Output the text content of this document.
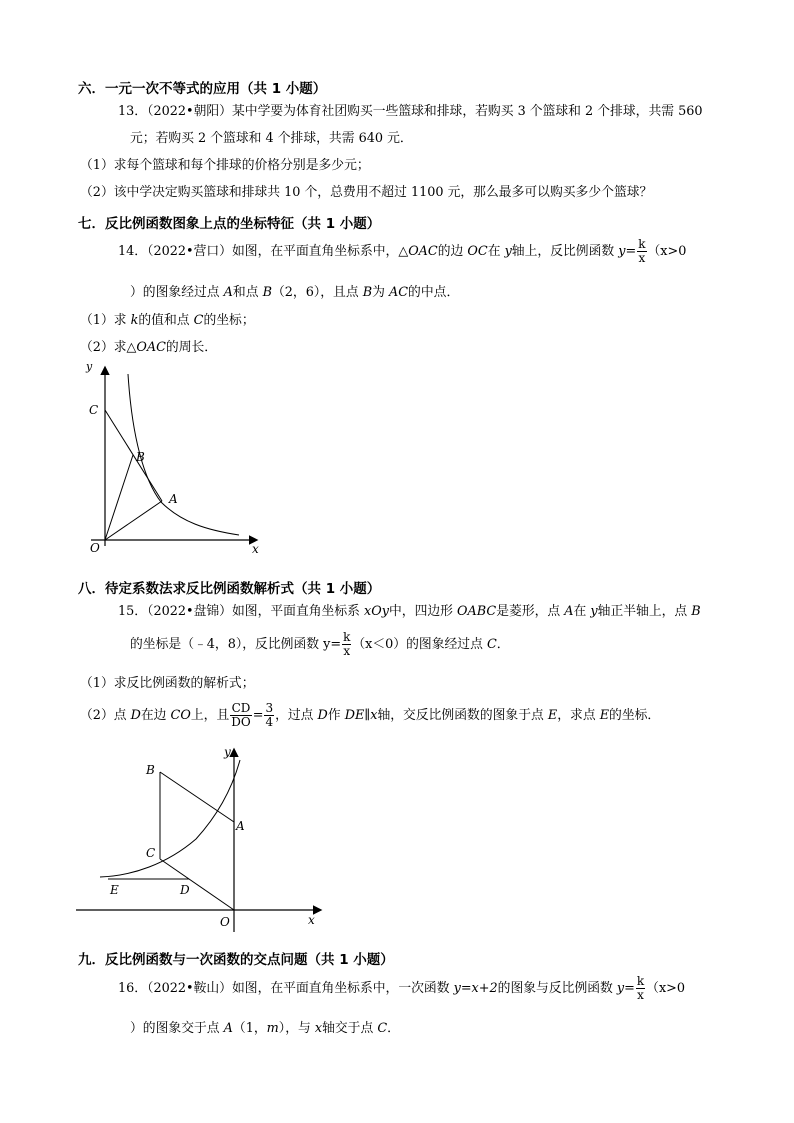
六．一元一次不等式的应用（共 1 小题）
13．（2022•朝阳）某中学要为体育社团购买一些篮球和排球，若购买 3 个篮球和 2 个排球，共需 560
元；若购买 2 个篮球和 4 个排球，共需 640 元．
（1）求每个篮球和每个排球的价格分别是多少元；
（2）该中学决定购买篮球和排球共 10 个，总费用不超过 1100 元，那么最多可以购买多少个篮球？
七．反比例函数图象上点的坐标特征（共 1 小题）
14．（2022•营口）如图，在平面直角坐标系中，△OAC的边 OC在 y轴上，反比例函数 $y= \frac{k}{x} (x>0$
）的图象经过点 A和点 B（2，6），且点 B为 AC的中点．
（1）求 k的值和点 C的坐标；
（2）求△OAC的周长．
y
x
C
B
A
O
八．待定系数法求反比例函数解析式（共 1 小题）
15．（2022•盘锦）如图，平面直角坐标系 xOy中，四边形 OABC是菱形，点 A在 y轴正半轴上，点 B
的坐标是（﹣4，8），反比例函数 $y= \frac{k}{x} (x<0)$的图象经过点 C．
（1）求反比例函数的解析式；
（2）点 D在边 CO上，且 $\frac{CD}{DO} = \frac{3}{4}$ ，过点 D作 DE∥x轴，交反比例函数的图象于点 E，求点 E的坐标．
y
x
B
A
C
D
E
O
九．反比例函数与一次函数的交点问题（共 1 小题）
16．（2022•鞍山）如图，在平面直角坐标系中，一次函数 y=x+2的图象与反比例函数 $y= \frac{k}{x} (x>0$
）的图象交于点 A（1，m），与 x轴交于点 C．
